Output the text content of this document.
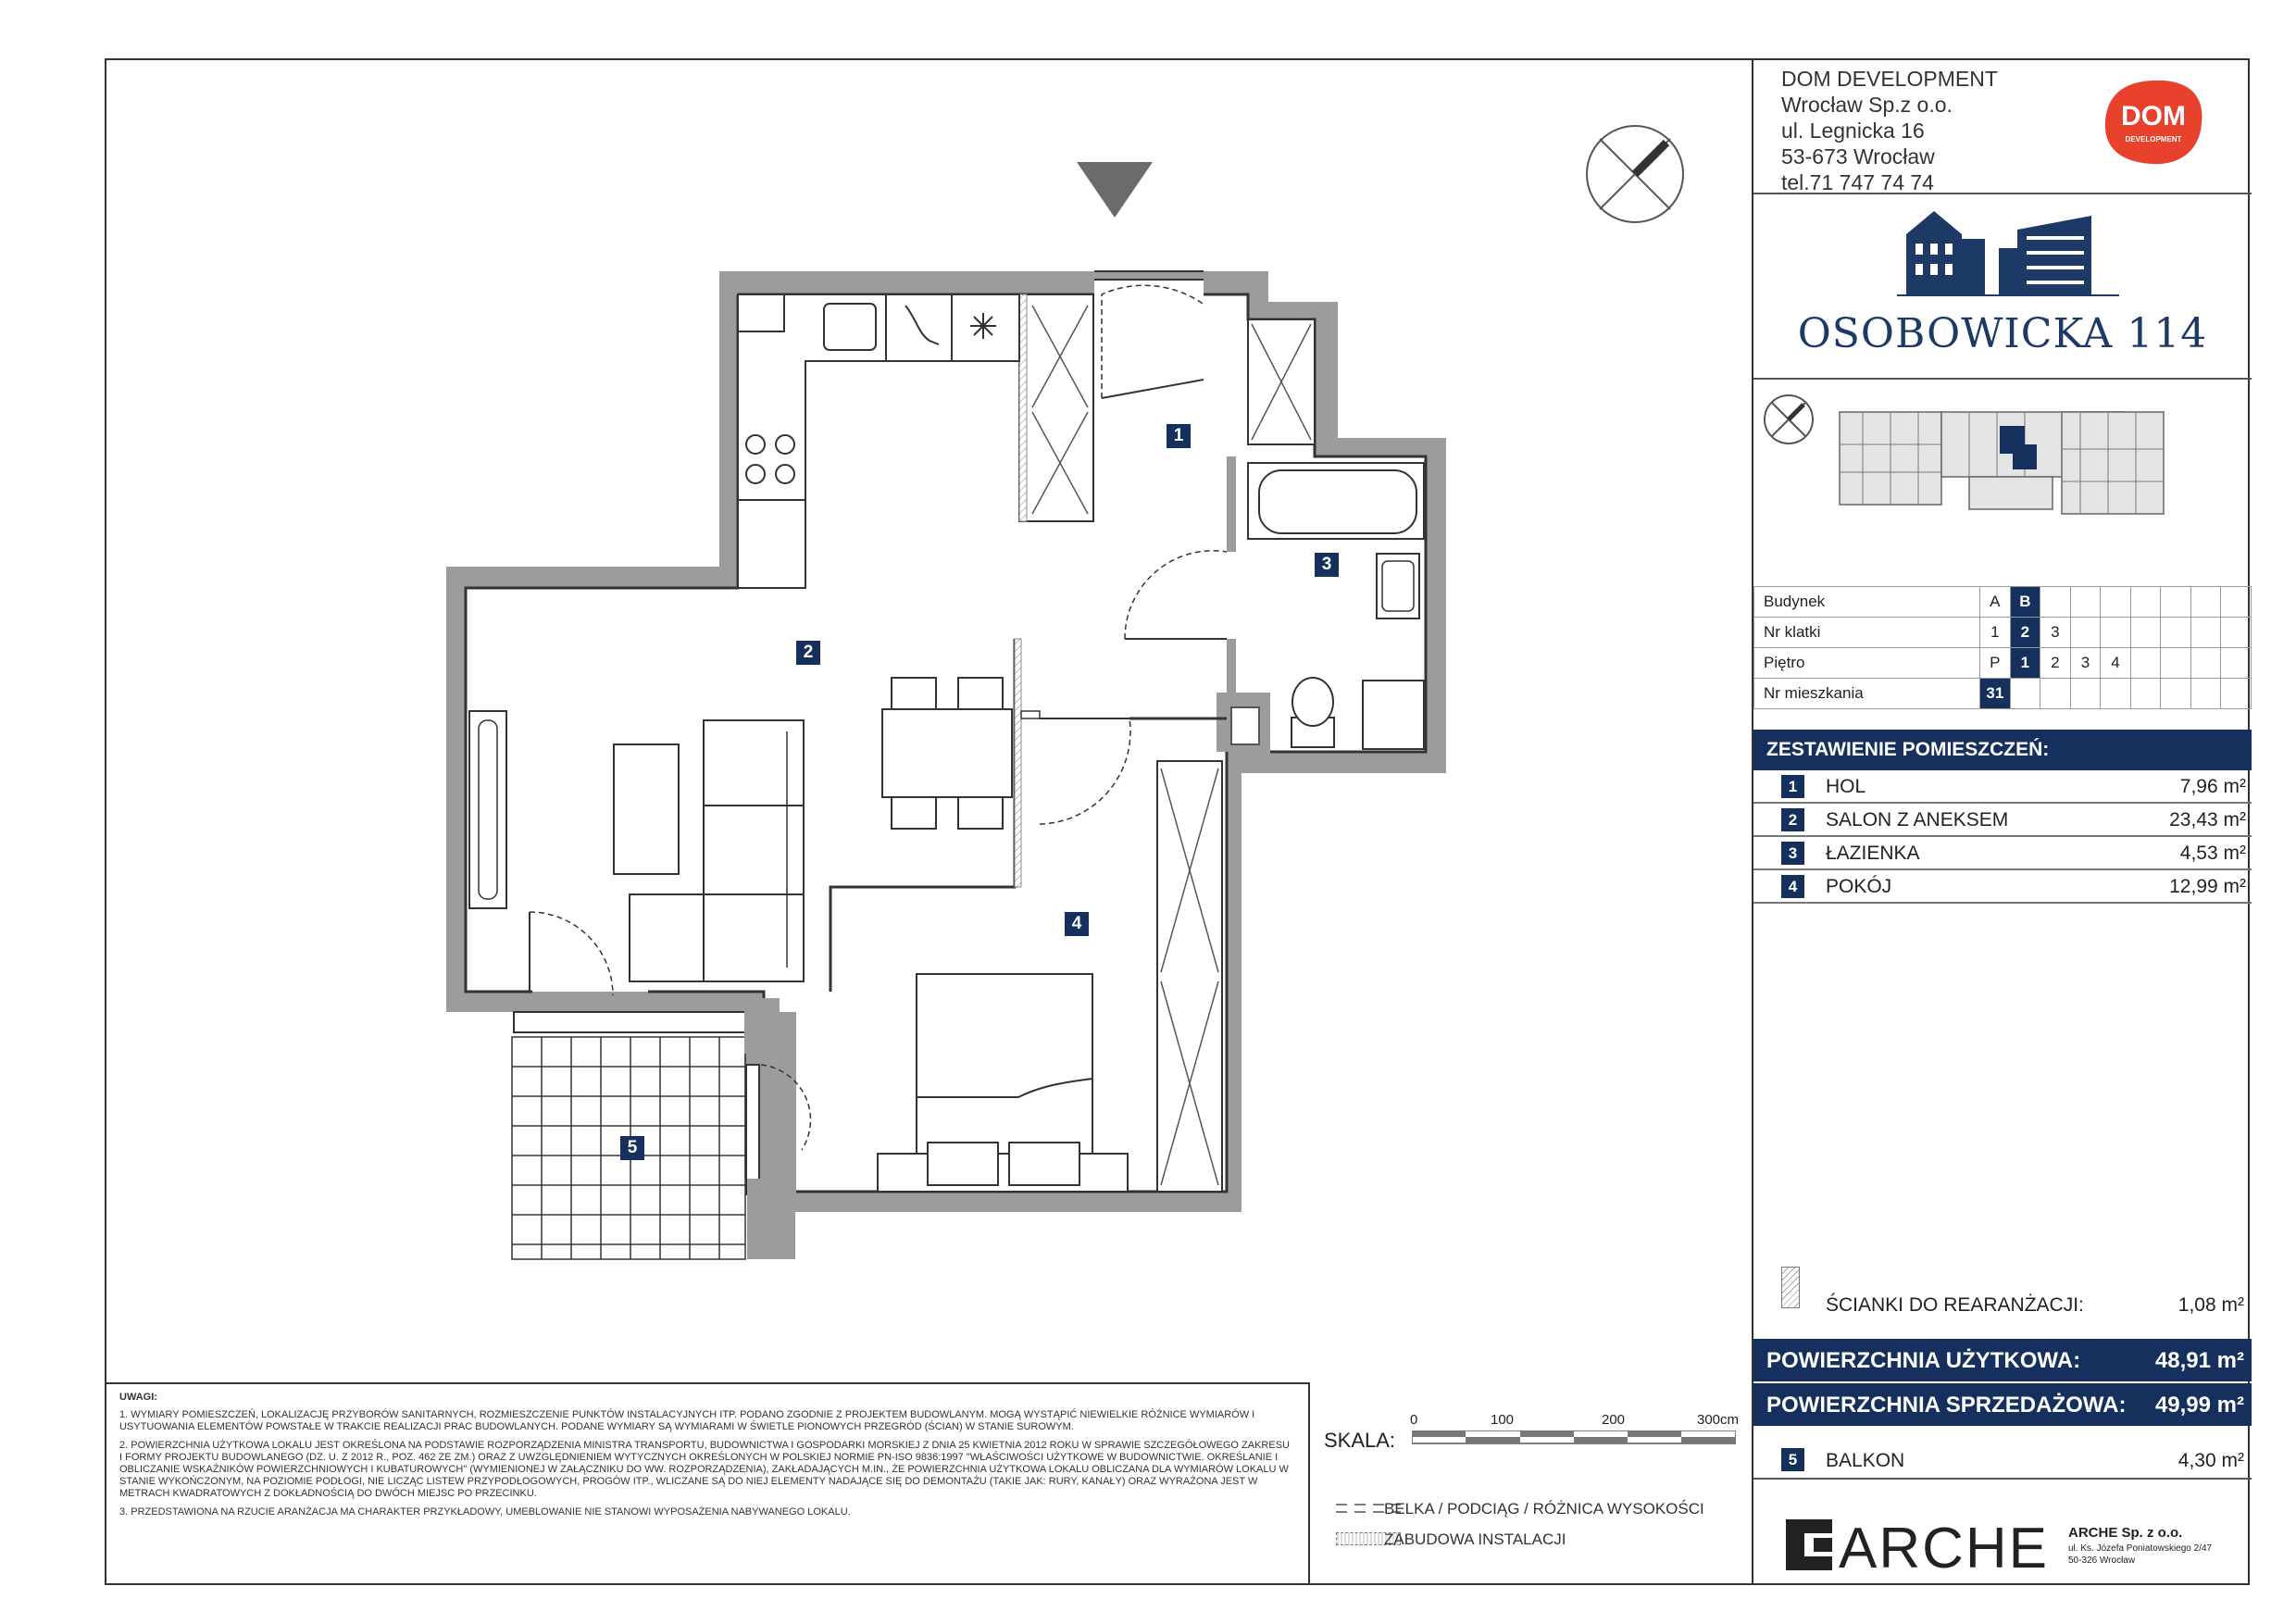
1
2
3
4
5
DOM DEVELOPMENT
Wrocław Sp.z o.o.
ul. Legnicka 16
53-673 Wrocław
tel.71 747 74 74
DOM
DEVELOPMENT
OSOBOWICKA 114
Budynek	A	B							
Nr klatki	1	2	3						
Piętro	P	1	2	3	4				
Nr mieszkania	31								
ZESTAWIENIE POMIESZCZEŃ:
1	HOL	7,96 m²
2	SALON Z ANEKSEM	23,43 m²
3	ŁAZIENKA	4,53 m²
4	POKÓJ	12,99 m²
ŚCIANKI DO REARANŻACJI:	1,08 m²
POWIERZCHNIA UŻYTKOWA:	48,91 m²
POWIERZCHNIA SPRZEDAŻOWA: 49,99 m²
5	BALKON	4,30 m²
ARCHE ARCHE Sp. z o.o.
ul. Ks. Józefa Poniatowskiego 2/47
50-326 Wrocław
UWAGI:

1. WYMIARY POMIESZCZEŃ, LOKALIZACJĘ PRZYBORÓW SANITARNYCH, ROZMIESZCZENIE PUNKTÓW INSTALACYJNYCH ITP. PODANO ZGODNIE Z PROJEKTEM BUDOWLANYM. MOGĄ WYSTĄPIĆ NIEWIELKIE RÓŻNICE WYMIARÓW I USYTUOWANIA ELEMENTÓW POWSTAŁE W TRAKCIE REALIZACJI PRAC BUDOWLANYCH. PODANE WYMIARY SĄ WYMIARAMI W ŚWIETLE PIONOWYCH PRZEGRÓD (ŚCIAN) W STANIE SUROWYM.

2. POWIERZCHNIA UŻYTKOWA LOKALU JEST OKREŚLONA NA PODSTAWIE ROZPORZĄDZENIA MINISTRA TRANSPORTU, BUDOWNICTWA I GOSPODARKI MORSKIEJ Z DNIA 25 KWIETNIA 2012 ROKU W SPRAWIE SZCZEGÓŁOWEGO ZAKRESU I FORMY PROJEKTU BUDOWLANEGO (DZ. U. Z 2012 R., POZ. 462 ZE ZM.) ORAZ Z UWZGLĘDNIENIEM WYTYCZNYCH OKREŚLONYCH W POLSKIEJ NORMIE PN-ISO 9836:1997 "WŁAŚCIWOŚCI UŻYTKOWE W BUDOWNICTWIE. OKREŚLANIE I OBLICZANIE WSKAŹNIKÓW POWIERZCHNIOWYCH I KUBATUROWYCH" (WYMIENIONEJ W ZAŁĄCZNIKU DO WW. ROZPORZĄDZENIA), ZAKŁADAJĄCYCH M.IN., ŻE POWIERZCHNIA UŻYTKOWA LOKALU OBLICZANA DLA WYMIARÓW LOKALU W STANIE WYKOŃCZONYM, NA POZIOMIE PODŁOGI, NIE LICZĄC LISTEW PRZYPODŁOGOWYCH, PROGÓW ITP., WLICZANE SĄ DO NIEJ ELEMENTY NADAJĄCE SIĘ DO DEMONTAŻU (TAKIE JAK: RURY, KANAŁY) ORAZ WYRAŻONA JEST W METRACH KWADRATOWYCH Z DOKŁADNOŚCIĄ DO DWÓCH MIEJSC PO PRZECINKU.

3. PRZEDSTAWIONA NA RZUCIE ARANŻACJA MA CHARAKTER PRZYKŁADOWY, UMEBLOWANIE NIE STANOWI WYPOSAŻENIA NABYWANEGO LOKALU.

SKALA:
0	100	200	300cm
BELKA / PODCIĄG / RÓŻNICA WYSOKOŚCI
ZABUDOWA INSTALACJI
